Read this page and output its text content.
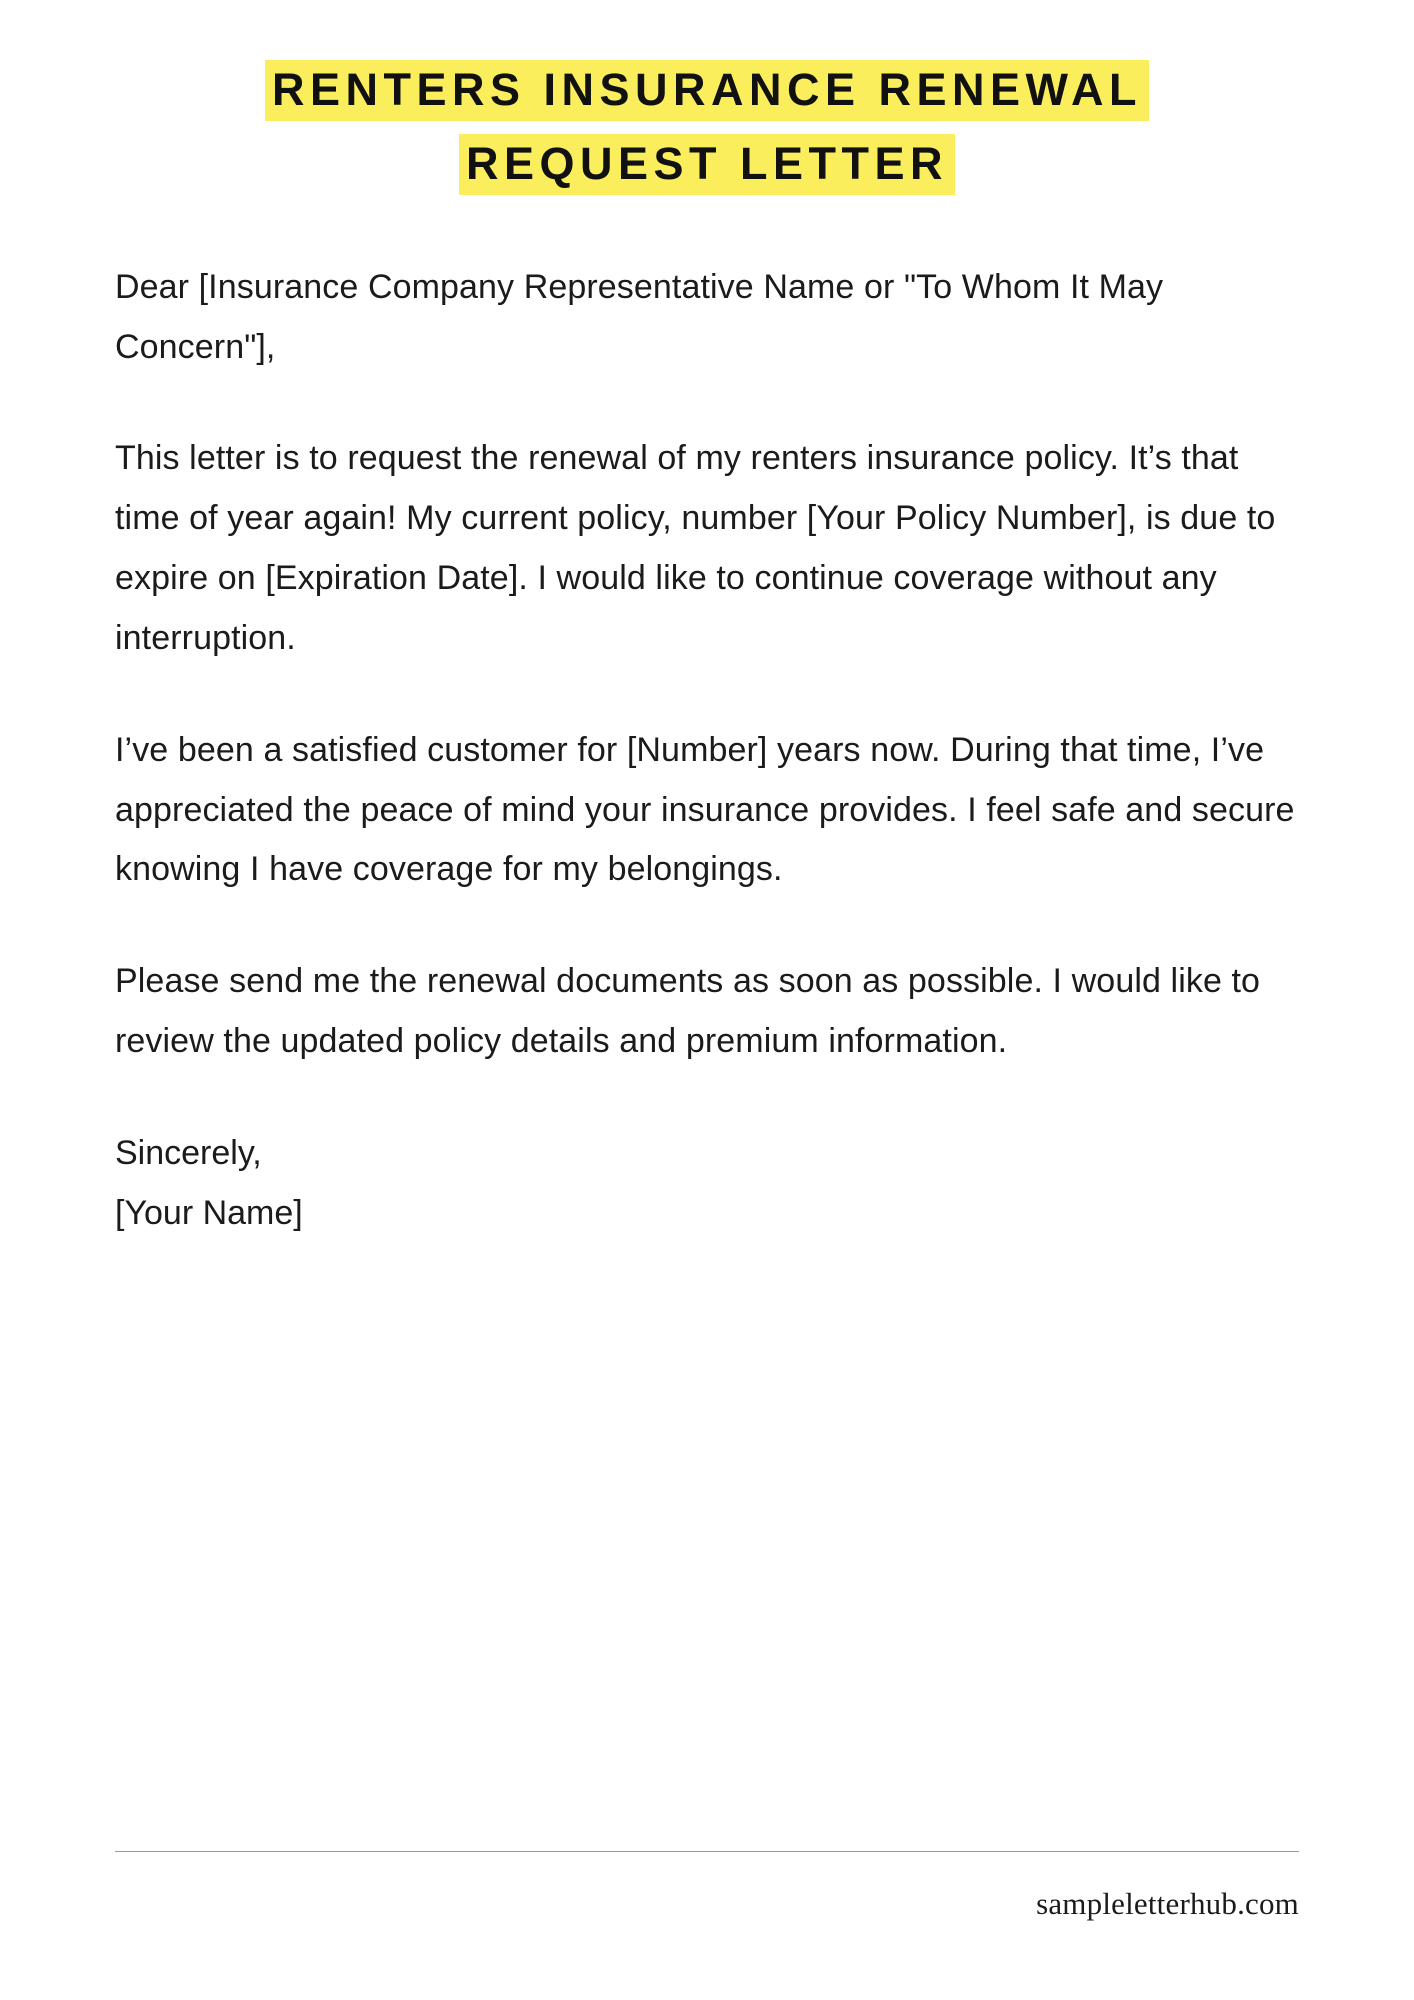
RENTERS INSURANCE RENEWAL
REQUEST LETTER

Dear [Insurance Company Representative Name or "To Whom It May Concern"],

This letter is to request the renewal of my renters insurance policy. It’s that time of year again! My current policy, number [Your Policy Number], is due to expire on [Expiration Date]. I would like to continue coverage without any interruption.

I’ve been a satisfied customer for [Number] years now. During that time, I’ve appreciated the peace of mind your insurance provides. I feel safe and secure knowing I have coverage for my belongings.

Please send me the renewal documents as soon as possible. I would like to review the updated policy details and premium information.

Sincerely,
[Your Name]
sampleletterhub.com
